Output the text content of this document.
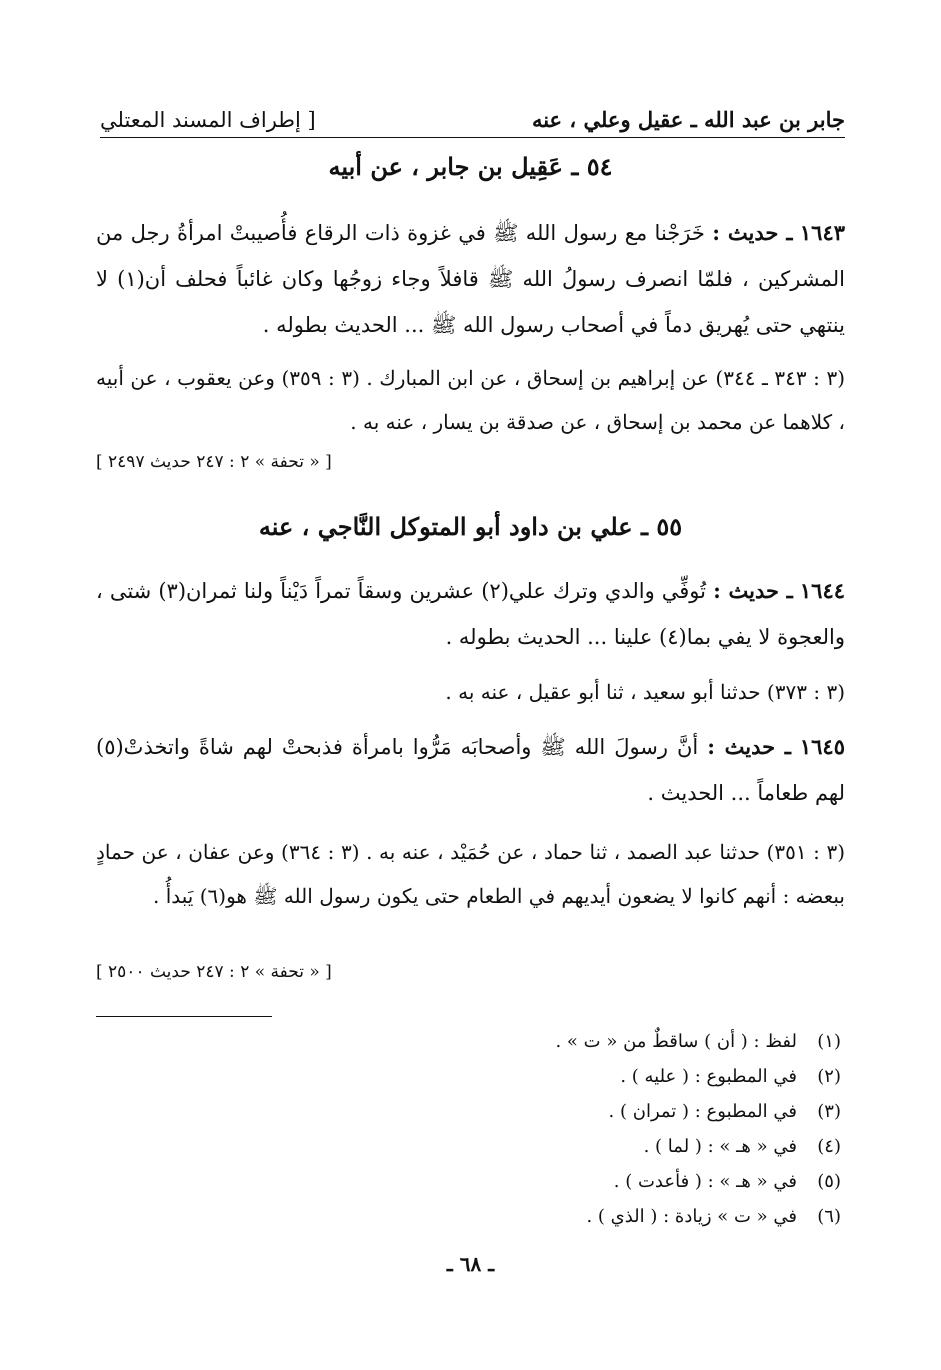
جابر بن عبد الله ـ عقيل وعلي ، عنه
[ إطراف المسند المعتلي
٥٤ ـ عَقِيل بن جابر ، عن أبيه
١٦٤٣ ـ حديث : خَرَجْنا مع رسول الله ﷺ في غزوة ذات الرقاع فأُصيبتْ امرأةُ رجل من المشركين ، فلمّا انصرف رسولُ الله ﷺ قافلاً وجاء زوجُها وكان غائباً فحلف أن(١) لا ينتهي حتى يُهريق دماً في أصحاب رسول الله ﷺ ... الحديث بطوله .
(٣ : ٣٤٣ ـ ٣٤٤) عن إبراهيم بن إسحاق ، عن ابن المبارك . (٣ : ٣٥٩) وعن يعقوب ، عن أبيه ، كلاهما عن محمد بن إسحاق ، عن صدقة بن يسار ، عنه به .
[ « تحفة » ٢ : ٢٤٧ حديث ٢٤٩٧ ]
٥٥ ـ علي بن داود أبو المتوكل النَّاجي ، عنه
١٦٤٤ ـ حديث : تُوفِّي والدي وترك علي(٢) عشرين وسقاً تمراً دَيْناً ولنا ثمران(٣) شتى ، والعجوة لا يفي بما(٤) علينا ... الحديث بطوله .
(٣ : ٣٧٣) حدثنا أبو سعيد ، ثنا أبو عقيل ، عنه به .
١٦٤٥ ـ حديث : أنَّ رسولَ الله ﷺ وأصحابَه مَرُّوا بامرأة فذبحتْ لهم شاةً واتخذتْ(٥) لهم طعاماً ... الحديث .
(٣ : ٣٥١) حدثنا عبد الصمد ، ثنا حماد ، عن حُمَيْد ، عنه به . (٣ : ٣٦٤) وعن عفان ، عن حمادٍ ببعضه : أنهم كانوا لا يضعون أيديهم في الطعام حتى يكون رسول الله ﷺ هو(٦) يَبدأُ .
[ « تحفة » ٢ : ٢٤٧ حديث ٢٥٠٠ ]
(١)
لفظ : ( أن ) ساقطٌ من « ت » .
(٢)
في المطبوع : ( عليه ) .
(٣)
في المطبوع : ( تمران ) .
(٤)
في « هـ » : ( لما ) .
(٥)
في « هـ » : ( فأعدت ) .
(٦)
في « ت » زيادة : ( الذي ) .
ـ ٦٨ ـ
